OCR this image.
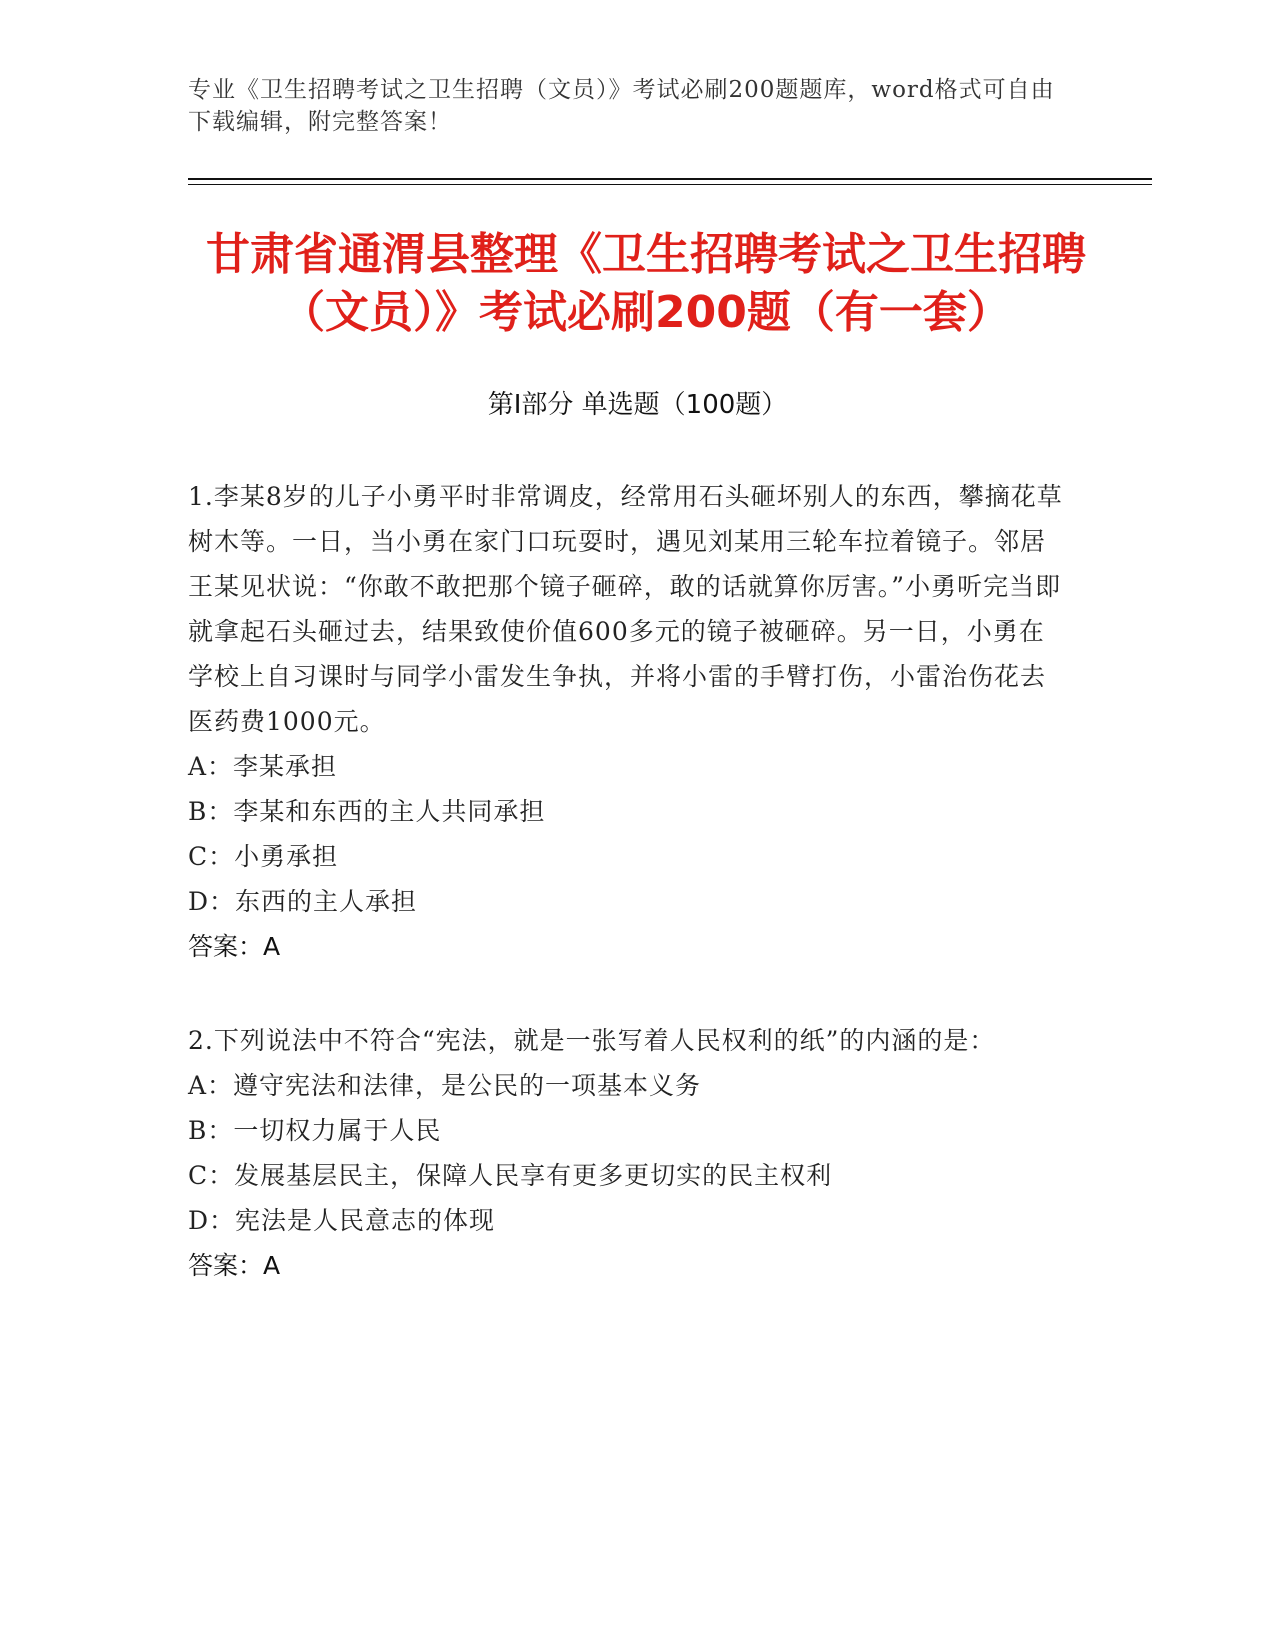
专业《卫生招聘考试之卫生招聘（文员）》考试必刷200题题库，word格式可自由下载编辑，附完整答案！
甘肃省通渭县整理《卫生招聘考试之卫生招聘（文员）》考试必刷200题（有一套）
第Ⅰ部分 单选题（100题）
1.李某8岁的儿子小勇平时非常调皮，经常用石头砸坏别人的东西，攀摘花草树木等。一日，当小勇在家门口玩耍时，遇见刘某用三轮车拉着镜子。邻居王某见状说：“你敢不敢把那个镜子砸碎，敢的话就算你厉害。”小勇听完当即就拿起石头砸过去，结果致使价值600多元的镜子被砸碎。另一日，小勇在学校上自习课时与同学小雷发生争执，并将小雷的手臂打伤，小雷治伤花去医药费1000元。
A：李某承担
B：李某和东西的主人共同承担
C：小勇承担
D：东西的主人承担
答案：A
2.下列说法中不符合“宪法，就是一张写着人民权利的纸”的内涵的是：
A：遵守宪法和法律，是公民的一项基本义务
B：一切权力属于人民
C：发展基层民主，保障人民享有更多更切实的民主权利
D：宪法是人民意志的体现
答案：A
